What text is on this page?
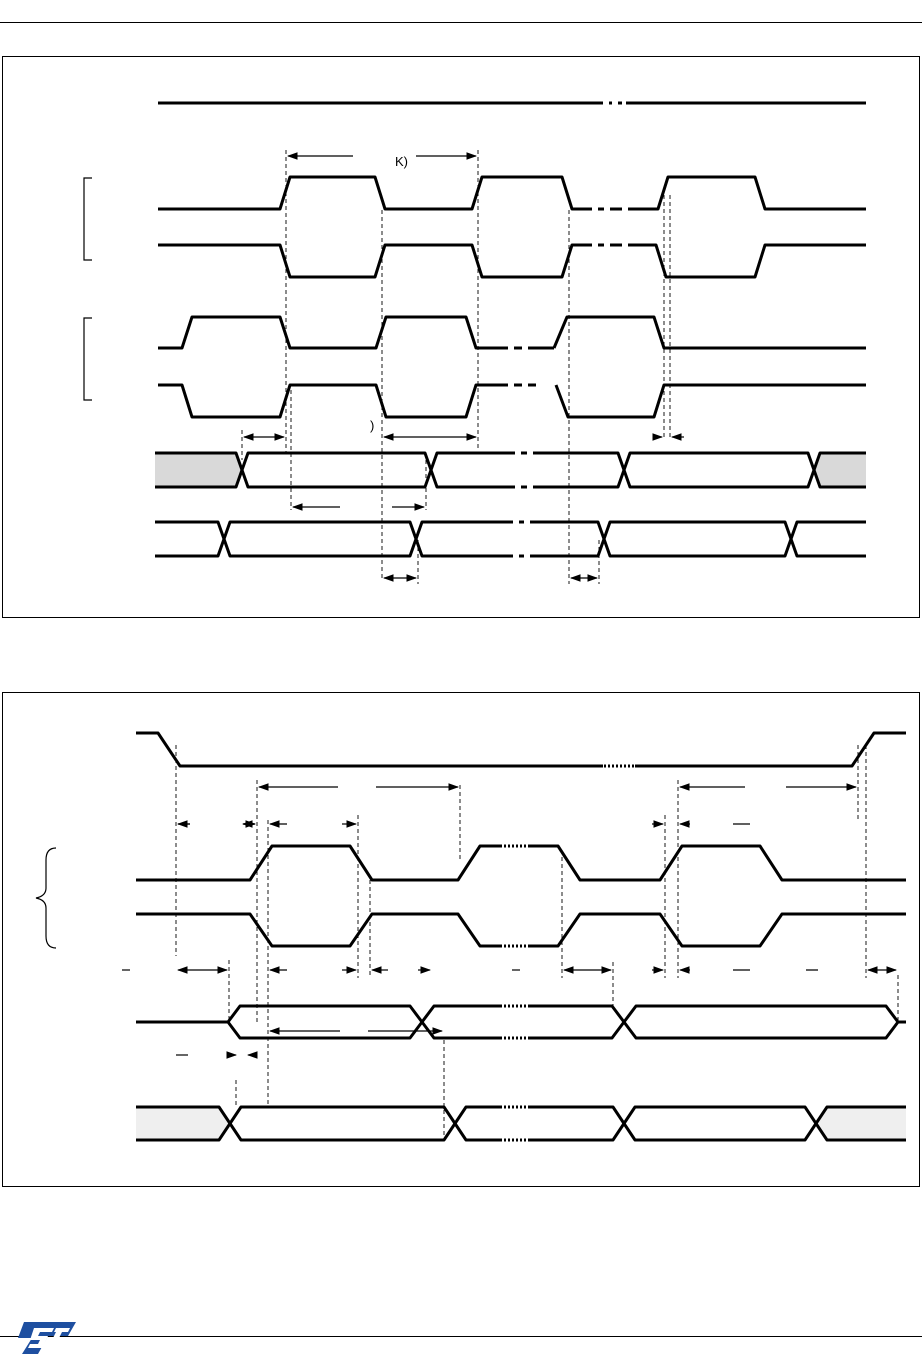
K)
)
